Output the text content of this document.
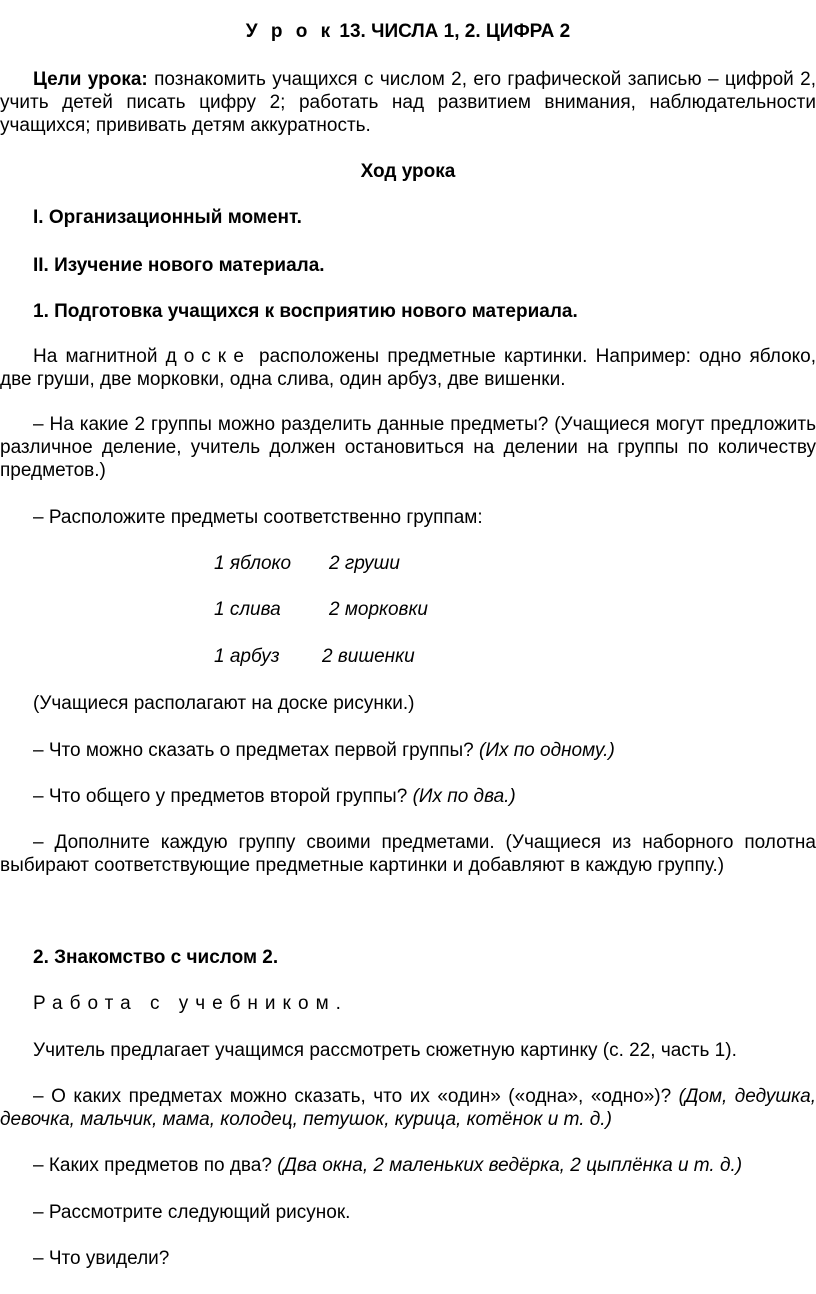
У р о к 13. ЧИСЛА 1, 2. ЦИФРА 2

Цели урока: познакомить учащихся с числом 2, его графической записью – цифрой 2,
учить детей писать цифру 2; работать над развитием внимания, наблюдательности
учащихся; прививать детям аккуратность.

Ход урока

I. Организационный момент.

II. Изучение нового материала.

1. Подготовка учащихся к восприятию нового материала.

На магнитной доске расположены предметные картинки. Например: одно яблоко,
две груши, две морковки, одна слива, один арбуз, две вишенки.
– На какие 2 группы можно разделить данные предметы? (Учащиеся могут предложить
различное деление, учитель должен остановиться на делении на группы по количеству
предметов.)

– Расположите предметы соответственно группам:

1 яблоко 2 груши
1 слива	2 морковки
1 арбуз 2 вишенки

(Учащиеся располагают на доске рисунки.)

– Что можно сказать о предметах первой группы? (Их по одному.)

– Что общего у предметов второй группы? (Их по два.)

– Дополните каждую группу своими предметами. (Учащиеся из наборного полотна
выбирают соответствующие предметные картинки и добавляют в каждую группу.)

2. Знакомство с числом 2.

Работа с учебником.

Учитель предлагает учащимся рассмотреть сюжетную картинку (с. 22, часть 1).

– О каких предметах можно сказать, что их «один» («одна», «одно»)? (Дом, дедушка,
девочка, мальчик, мама, колодец, петушок, курица, котёнок и т. д.)

– Каких предметов по два? (Два окна, 2 маленьких ведёрка, 2 цыплёнка и т. д.)

– Рассмотрите следующий рисунок.

– Что увидели?
